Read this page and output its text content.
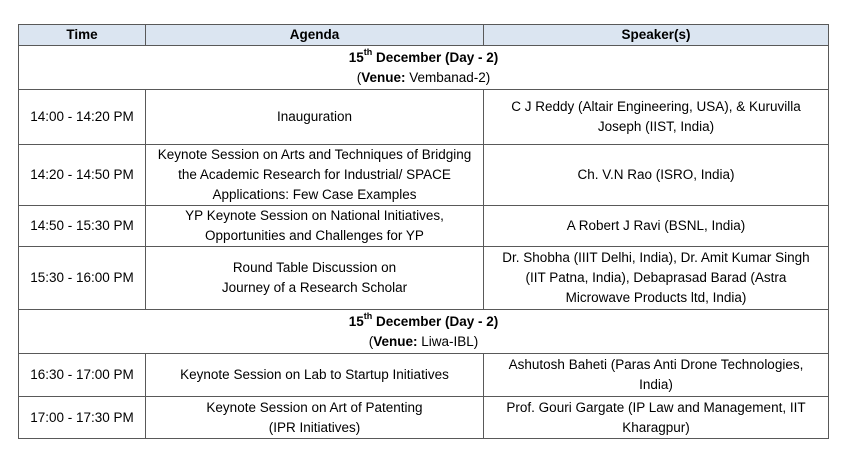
Time	Agenda	Speaker(s)

15th December (Day - 2)
(Venue: Vembanad-2)		

14:00 - 14:20 PM	Inauguration	C J Reddy (Altair Engineering, USA), & Kuruvilla
Joseph (IIST, India)

14:20 - 14:50 PM	Keynote Session on Arts and Techniques of Bridging
the Academic Research for Industrial/ SPACE
Applications: Few Case Examples	Ch. V.N Rao (ISRO, India)

14:50 - 15:30 PM	YP Keynote Session on National Initiatives,
Opportunities and Challenges for YP	A Robert J Ravi (BSNL, India)

15:30 - 16:00 PM	Round Table Discussion on
Journey of a Research Scholar	Dr. Shobha (IIIT Delhi, India), Dr. Amit Kumar Singh
(IIT Patna, India), Debaprasad Barad (Astra
Microwave Products ltd, India)

15th December (Day - 2)
(Venue: Liwa-IBL)		

16:30 - 17:00 PM	Keynote Session on Lab to Startup Initiatives	Ashutosh Baheti (Paras Anti Drone Technologies,
India)

17:00 - 17:30 PM	Keynote Session on Art of Patenting
(IPR Initiatives)	Prof. Gouri Gargate (IP Law and Management, IIT
Kharagpur)
